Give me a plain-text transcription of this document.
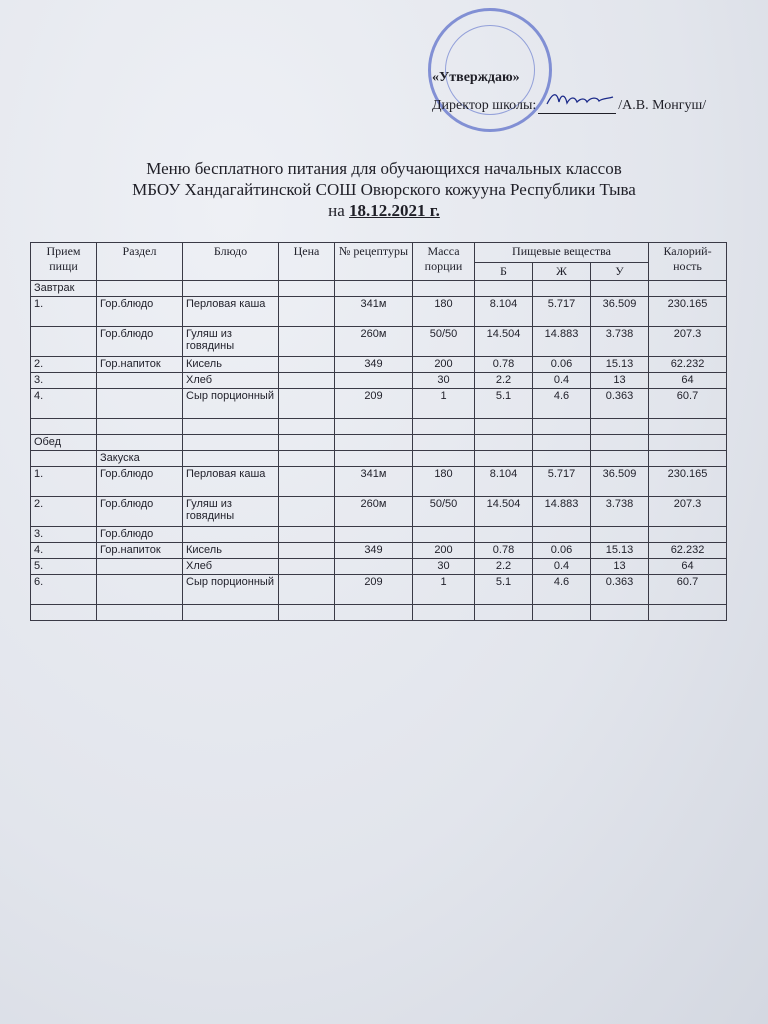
«Утверждаю»
Директор школы:	/А.В. Монгуш/
Меню бесплатного питания для обучающихся начальных классов
МБОУ Хандагайтинской СОШ Овюрского кожууна Республики Тыва
на 18.12.2021 г.
Прием пищи	Раздел	Блюдо	Цена	№ рецептуры	Масса порции	Пищевые вещества			Калорий-ность
						Б	Ж	У	
Завтрак									
1.	Гор.блюдо	Перловая каша		341м	180	8.104	5.717	36.509	230.165
	Гор.блюдо	Гуляш из говядины		260м	50/50	14.504	14.883	3.738	207.3
2.	Гор.напиток	Кисель		349	200	0.78	0.06	15.13	62.232
3.		Хлеб			30	2.2	0.4	13	64
4.		Сыр порционный		209	1	5.1	4.6	0.363	60.7

Обед									
	Закуска								
1.	Гор.блюдо	Перловая каша		341м	180	8.104	5.717	36.509	230.165
2.	Гор.блюдо	Гуляш из говядины		260м	50/50	14.504	14.883	3.738	207.3
3.	Гор.блюдо								
4.	Гор.напиток	Кисель		349	200	0.78	0.06	15.13	62.232
5.		Хлеб			30	2.2	0.4	13	64
6.		Сыр порционный		209	1	5.1	4.6	0.363	60.7
